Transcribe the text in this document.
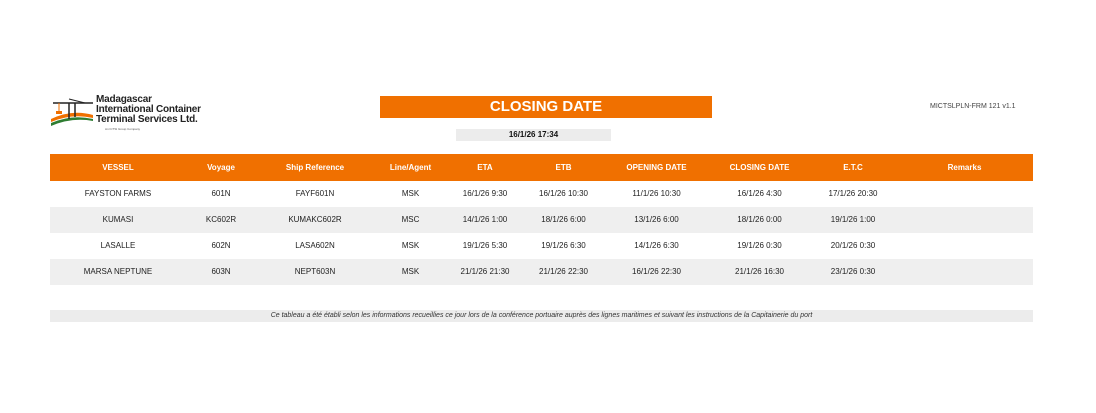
Madagascar
International Container
Terminal Services Ltd.
An ICTSI Group Company
CLOSING DATE	MICTSLPLN-FRM 121 v1.1
16/1/26 17:34
VESSEL	Voyage	Ship Reference	Line/Agent	ETA	ETB	OPENING DATE	CLOSING DATE	E.T.C	Remarks
FAYSTON FARMS	601N	FAYF601N	MSK	16/1/26 9:30	16/1/26 10:30	11/1/26 10:30	16/1/26 4:30	17/1/26 20:30
KUMASI	KC602R	KUMAKC602R	MSC	14/1/26 1:00	18/1/26 6:00	13/1/26 6:00	18/1/26 0:00	19/1/26 1:00
LASALLE	602N	LASA602N	MSK	19/1/26 5:30	19/1/26 6:30	14/1/26 6:30	19/1/26 0:30	20/1/26 0:30
MARSA NEPTUNE	603N	NEPT603N	MSK	21/1/26 21:30	21/1/26 22:30	16/1/26 22:30	21/1/26 16:30	23/1/26 0:30
Ce tableau a été établi selon les informations recueillies ce jour lors de la conférence portuaire auprès des lignes maritimes et suivant les instructions de la Capitainerie du port
